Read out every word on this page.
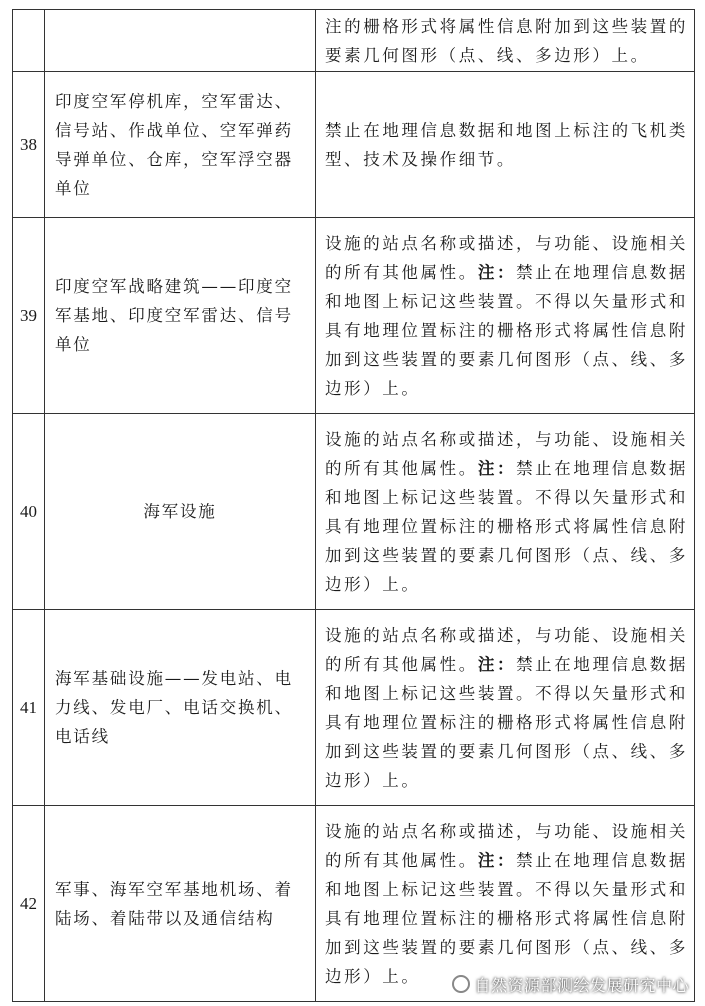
		注的栅格形式将属性信息附加到这些装置的要素几何图形（点、线、多边形）上。
38	印度空军停机库，空军雷达、信号站、作战单位、空军弹药导弹单位、仓库，空军浮空器单位	禁止在地理信息数据和地图上标注的飞机类型、技术及操作细节。
39	印度空军战略建筑——印度空军基地、印度空军雷达、信号单位	设施的站点名称或描述，与功能、设施相关的所有其他属性。注：禁止在地理信息数据和地图上标记这些装置。不得以矢量形式和具有地理位置标注的栅格形式将属性信息附加到这些装置的要素几何图形（点、线、多边形）上。
40	海军设施	设施的站点名称或描述，与功能、设施相关的所有其他属性。注：禁止在地理信息数据和地图上标记这些装置。不得以矢量形式和具有地理位置标注的栅格形式将属性信息附加到这些装置的要素几何图形（点、线、多边形）上。
41	海军基础设施——发电站、电力线、发电厂、电话交换机、电话线	设施的站点名称或描述，与功能、设施相关的所有其他属性。注：禁止在地理信息数据和地图上标记这些装置。不得以矢量形式和具有地理位置标注的栅格形式将属性信息附加到这些装置的要素几何图形（点、线、多边形）上。
42	军事、海军空军基地机场、着陆场、着陆带以及通信结构	设施的站点名称或描述，与功能、设施相关的所有其他属性。注：禁止在地理信息数据和地图上标记这些装置。不得以矢量形式和具有地理位置标注的栅格形式将属性信息附加到这些装置的要素几何图形（点、线、多边形）上。	自然资源部测绘发展研究中心
